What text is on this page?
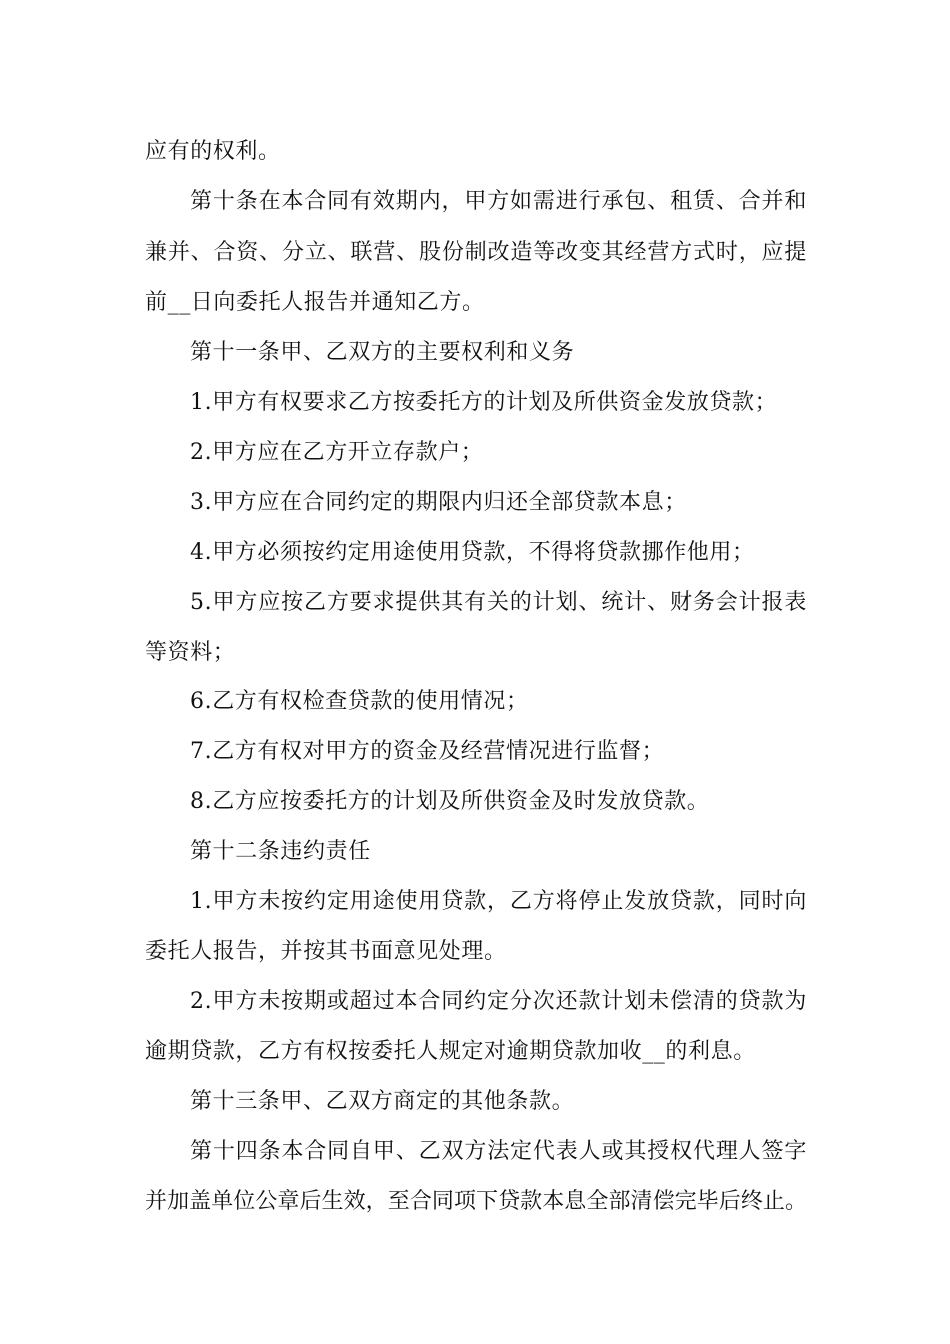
应有的权利。
第十条在本合同有效期内，甲方如需进行承包、租赁、合并和
兼并、合资、分立、联营、股份制改造等改变其经营方式时，应提
前__日向委托人报告并通知乙方。
第十一条甲、乙双方的主要权利和义务
1.甲方有权要求乙方按委托方的计划及所供资金发放贷款；
2.甲方应在乙方开立存款户；
3.甲方应在合同约定的期限内归还全部贷款本息；
4.甲方必须按约定用途使用贷款，不得将贷款挪作他用；
5.甲方应按乙方要求提供其有关的计划、统计、财务会计报表
等资料；
6.乙方有权检查贷款的使用情况；
7.乙方有权对甲方的资金及经营情况进行监督；
8.乙方应按委托方的计划及所供资金及时发放贷款。
第十二条违约责任
1.甲方未按约定用途使用贷款，乙方将停止发放贷款，同时向
委托人报告，并按其书面意见处理。
2.甲方未按期或超过本合同约定分次还款计划未偿清的贷款为
逾期贷款，乙方有权按委托人规定对逾期贷款加收__的利息。
第十三条甲、乙双方商定的其他条款。
第十四条本合同自甲、乙双方法定代表人或其授权代理人签字
并加盖单位公章后生效，至合同项下贷款本息全部清偿完毕后终止。
